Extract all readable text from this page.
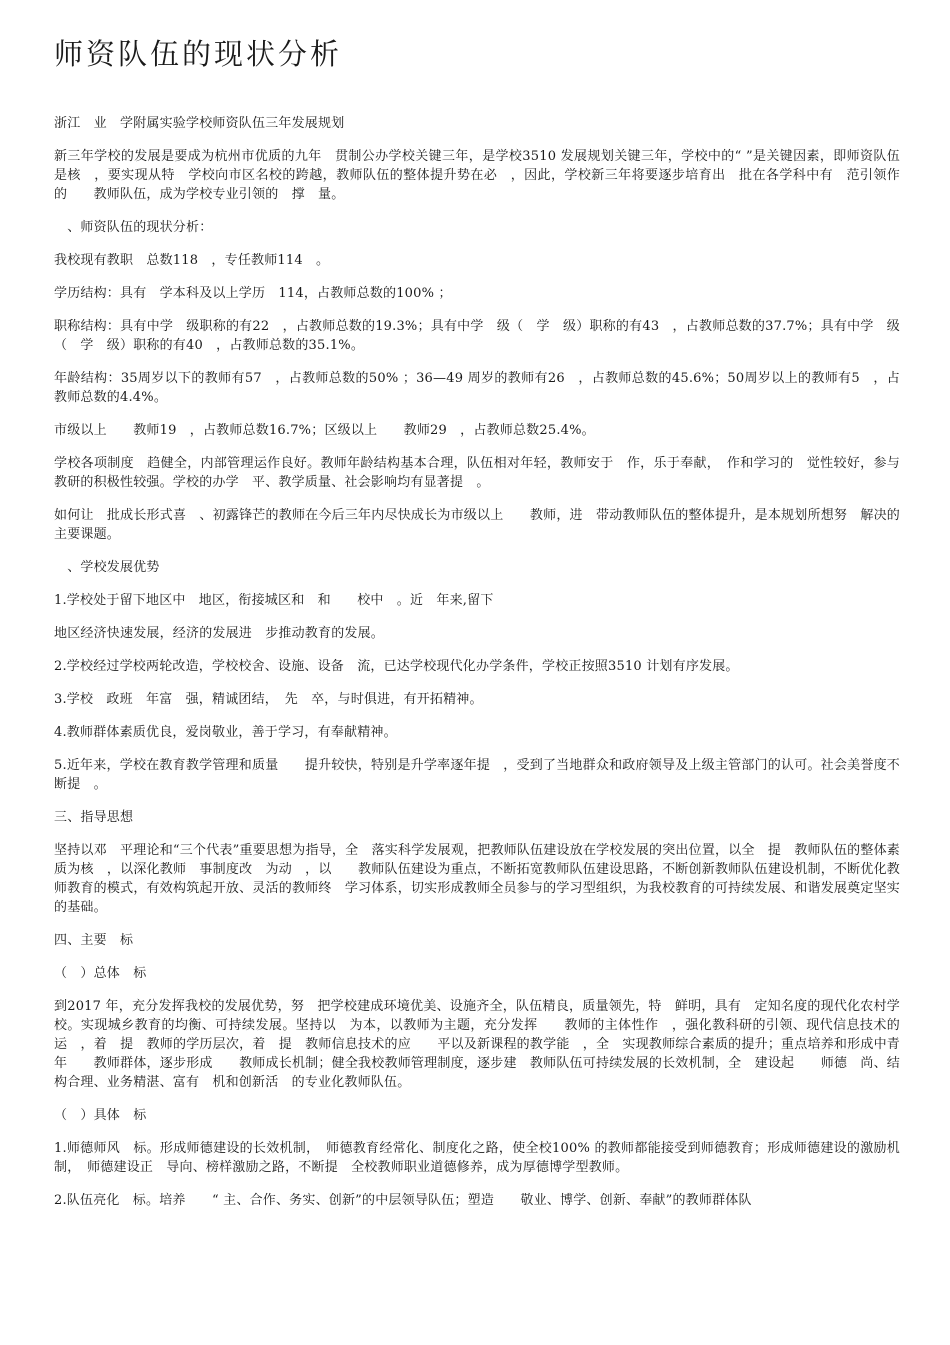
师资队伍的现状分析

浙江　业　学附属实验学校师资队伍三年发展规划

新三年学校的发展是要成为杭州市优质的九年　贯制公办学校关键三年，是学校3510 发展规划关键三年，学校中的“ ”是关键因素，即师资队伍是核　，要实现从特　学校向市区名校的跨越，教师队伍的整体提升势在必　，因此，学校新三年将要逐步培育出　批在各学科中有　范引领作　的　　教师队伍，成为学校专业引领的　撑　量。

　、师资队伍的现状分析：

我校现有教职　总数118　，专任教师114　。

学历结构：具有　学本科及以上学历　114，占教师总数的100% ；

职称结构：具有中学　级职称的有22　，占教师总数的19.3%；具有中学　级（　学　级）职称的有43　，占教师总数的37.7%；具有中学　级（　学　级）职称的有40　，占教师总数的35.1%。

年龄结构：35周岁以下的教师有57　，占教师总数的50% ；36—49 周岁的教师有26　，占教师总数的45.6%；50周岁以上的教师有5　，占教师总数的4.4%。

市级以上　　教师19　，占教师总数16.7%；区级以上　　教师29　，占教师总数25.4%。

学校各项制度　趋健全，内部管理运作良好。教师年龄结构基本合理，队伍相对年轻，教师安于　作，乐于奉献，　作和学习的　觉性较好，参与教研的积极性较强。学校的办学　平、教学质量、社会影响均有显著提　。

如何让　批成长形式喜　、初露锋芒的教师在今后三年内尽快成长为市级以上　　教师，进　带动教师队伍的整体提升，是本规划所想努　解决的主要课题。

　、学校发展优势

1.学校处于留下地区中　地区，衔接城区和　和　　校中　。近　年来,留下

地区经济快速发展，经济的发展进　步推动教育的发展。

2.学校经过学校两轮改造，学校校舍、设施、设备　流，已达学校现代化办学条件，学校正按照3510 计划有序发展。

3.学校　政班　年富　强，精诚团结，　先　卒，与时俱进，有开拓精神。

4.教师群体素质优良，爱岗敬业，善于学习，有奉献精神。

5.近年来，学校在教育教学管理和质量　　提升较快，特别是升学率逐年提　，受到了当地群众和政府领导及上级主管部门的认可。社会美誉度不断提　。

三、指导思想

坚持以邓　平理论和“三个代表”重要思想为指导，全　落实科学发展观，把教师队伍建设放在学校发展的突出位置，以全　提　教师队伍的整体素质为核　，以深化教师　事制度改　为动　，以　　教师队伍建设为重点，不断拓宽教师队伍建设思路，不断创新教师队伍建设机制，不断优化教师教育的模式，有效构筑起开放、灵活的教师终　学习体系，切实形成教师全员参与的学习型组织，为我校教育的可持续发展、和谐发展奠定坚实的基础。

四、主要　标

（　）总体　标

到2017 年，充分发挥我校的发展优势，努　把学校建成环境优美、设施齐全，队伍精良，质量领先，特　鲜明，具有　定知名度的现代化农村学校。实现城乡教育的均衡、可持续发展。坚持以　为本，以教师为主题，充分发挥　　教师的主体性作　，强化教科研的引领、现代信息技术的运　，着　提　教师的学历层次，着　提　教师信息技术的应　　平以及新课程的教学能　，全　实现教师综合素质的提升；重点培养和形成中青年　　教师群体，逐步形成　　教师成长机制；健全我校教师管理制度，逐步建　教师队伍可持续发展的长效机制，全　建设起　　师德　尚、结构合理、业务精湛、富有　机和创新活　的专业化教师队伍。

（　）具体　标

1.师德师风　标。形成师德建设的长效机制，　师德教育经常化、制度化之路，使全校100% 的教师都能接受到师德教育；形成师德建设的激励机制，　师德建设正　导向、榜样激励之路，不断提　全校教师职业道德修养，成为厚德博学型教师。

2.队伍亮化　标。培养　　“ 主、合作、务实、创新”的中层领导队伍；塑造　　敬业、博学、创新、奉献”的教师群体队
